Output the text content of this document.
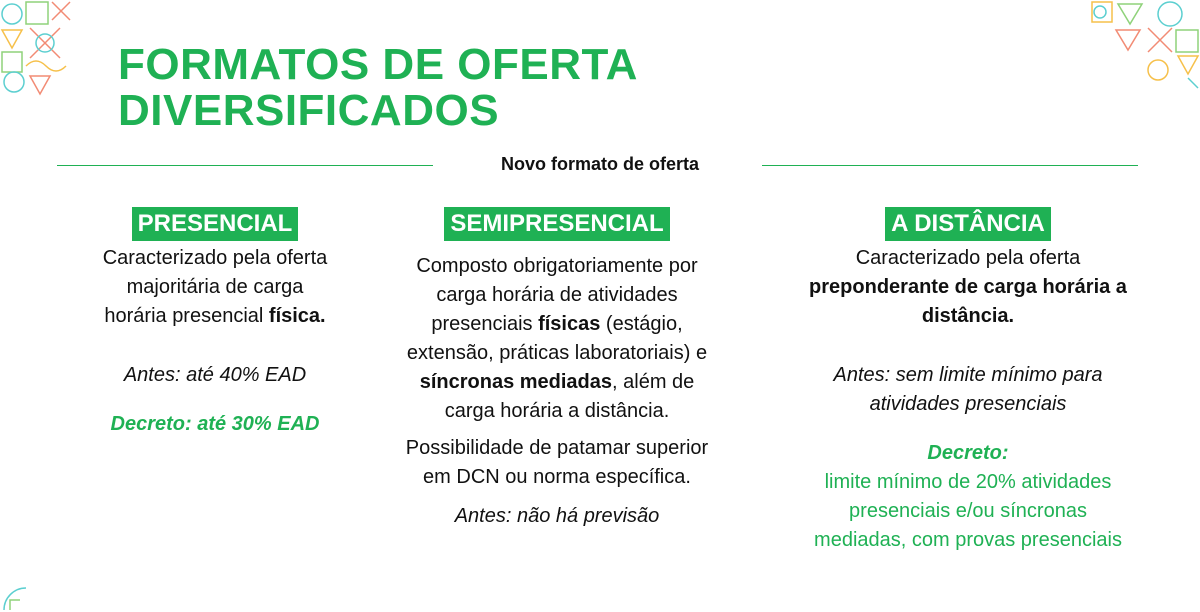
FORMATOS DE OFERTA
DIVERSIFICADOS
Novo formato de oferta
PRESENCIAL

Caracterizado pela oferta

majoritária de carga

horária presencial física.

Antes: até 40% EAD

Decreto: até 30% EAD

SEMIPRESENCIAL

Composto obrigatoriamente por

carga horária de atividades

presenciais físicas (estágio,

extensão, práticas laboratoriais) e

síncronas mediadas, além de

carga horária a distância.

Possibilidade de patamar superior

em DCN ou norma específica.

Antes: não há previsão

A DISTÂNCIA

Caracterizado pela oferta

preponderante de carga horária a

distância.

Antes: sem limite mínimo para

atividades presenciais

Decreto:

limite mínimo de 20% atividades

presenciais e/ou síncronas

mediadas, com provas presenciais
